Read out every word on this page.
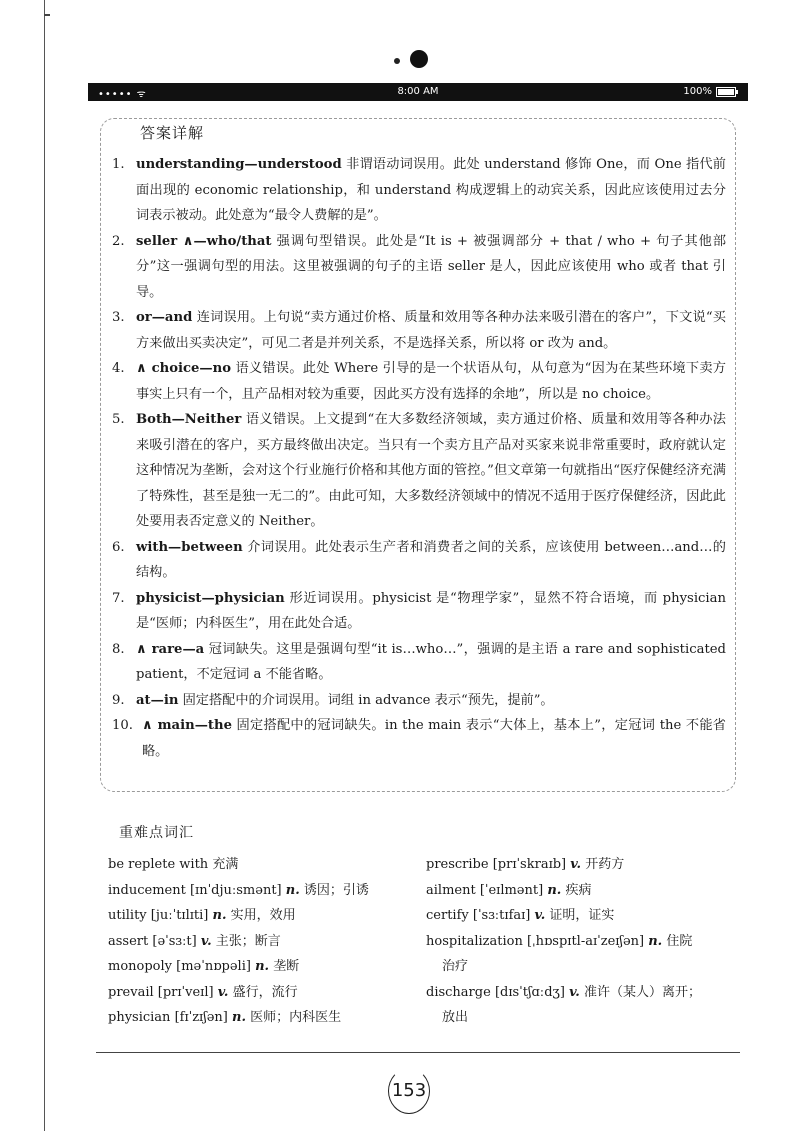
••••• ᯤ	8:00 AM	100%
答案详解
1. understanding—understood 非谓语动词误用。此处 understand 修饰 One，而 One 指代前面出现的 economic relationship，和 understand 构成逻辑上的动宾关系，因此应该使用过去分词表示被动。此处意为“最令人费解的是”。
2. seller ∧—who/that 强调句型错误。此处是“It is + 被强调部分 + that / who + 句子其他部分”这一强调句型的用法。这里被强调的句子的主语 seller 是人，因此应该使用 who 或者 that 引导。
3. or—and 连词误用。上句说“卖方通过价格、质量和效用等各种办法来吸引潜在的客户”，下文说“买方来做出买卖决定”，可见二者是并列关系，不是选择关系，所以将 or 改为 and。
4. ∧ choice—no 语义错误。此处 Where 引导的是一个状语从句，从句意为“因为在某些环境下卖方事实上只有一个，且产品相对较为重要，因此买方没有选择的余地”，所以是 no choice。
5. Both—Neither 语义错误。上文提到“在大多数经济领域，卖方通过价格、质量和效用等各种办法来吸引潜在的客户，买方最终做出决定。当只有一个卖方且产品对买家来说非常重要时，政府就认定这种情况为垄断，会对这个行业施行价格和其他方面的管控。”但文章第一句就指出“医疗保健经济充满了特殊性，甚至是独一无二的”。由此可知，大多数经济领域中的情况不适用于医疗保健经济，因此此处要用表否定意义的 Neither。
6. with—between 介词误用。此处表示生产者和消费者之间的关系，应该使用 between…and…的结构。
7. physicist—physician 形近词误用。physicist 是“物理学家”，显然不符合语境，而 physician 是“医师；内科医生”，用在此处合适。
8. ∧ rare—a 冠词缺失。这里是强调句型“it is…who…”，强调的是主语 a rare and sophisticated patient，不定冠词 a 不能省略。
9. at—in 固定搭配中的介词误用。词组 in advance 表示“预先，提前”。
10. ∧ main—the 固定搭配中的冠词缺失。in the main 表示“大体上，基本上”，定冠词 the 不能省略。
重难点词汇
be replete with 充满
inducement [ɪnˈdjuːsmənt] n. 诱因；引诱
utility [juːˈtɪlɪti] n. 实用，效用
assert [əˈsɜːt] v. 主张；断言
monopoly [məˈnɒpəli] n. 垄断
prevail [prɪˈveɪl] v. 盛行，流行
physician [fɪˈzɪʃən] n. 医师；内科医生
prescribe [prɪˈskraɪb] v. 开药方
ailment [ˈeɪlmənt] n. 疾病
certify [ˈsɜːtɪfaɪ] v. 证明，证实
hospitalization [ˌhɒspɪtl-aɪˈzeɪʃən] n. 住院
治疗
discharge [dɪsˈtʃɑːdʒ] v. 准许（某人）离开；
放出
153
